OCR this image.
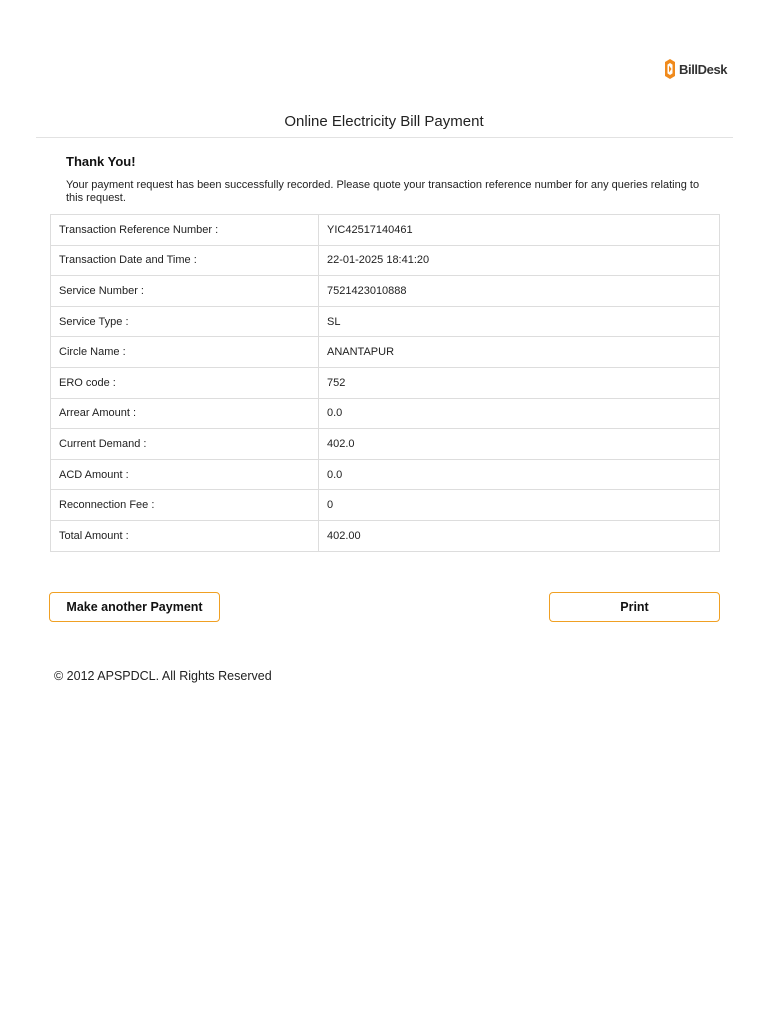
BillDesk
Online Electricity Bill Payment
Thank You!
Your payment request has been successfully recorded. Please quote your transaction reference number for any queries relating to this request.
Transaction Reference Number :	YIC42517140461
Transaction Date and Time :	22-01-2025 18:41:20
Service Number :	7521423010888
Service Type :	SL
Circle Name :	ANANTAPUR
ERO code :	752
Arrear Amount :	0.0
Current Demand :	402.0
ACD Amount :	0.0
Reconnection Fee :	0
Total Amount :	402.00
Make another Payment	Print
© 2012 APSPDCL. All Rights Reserved
